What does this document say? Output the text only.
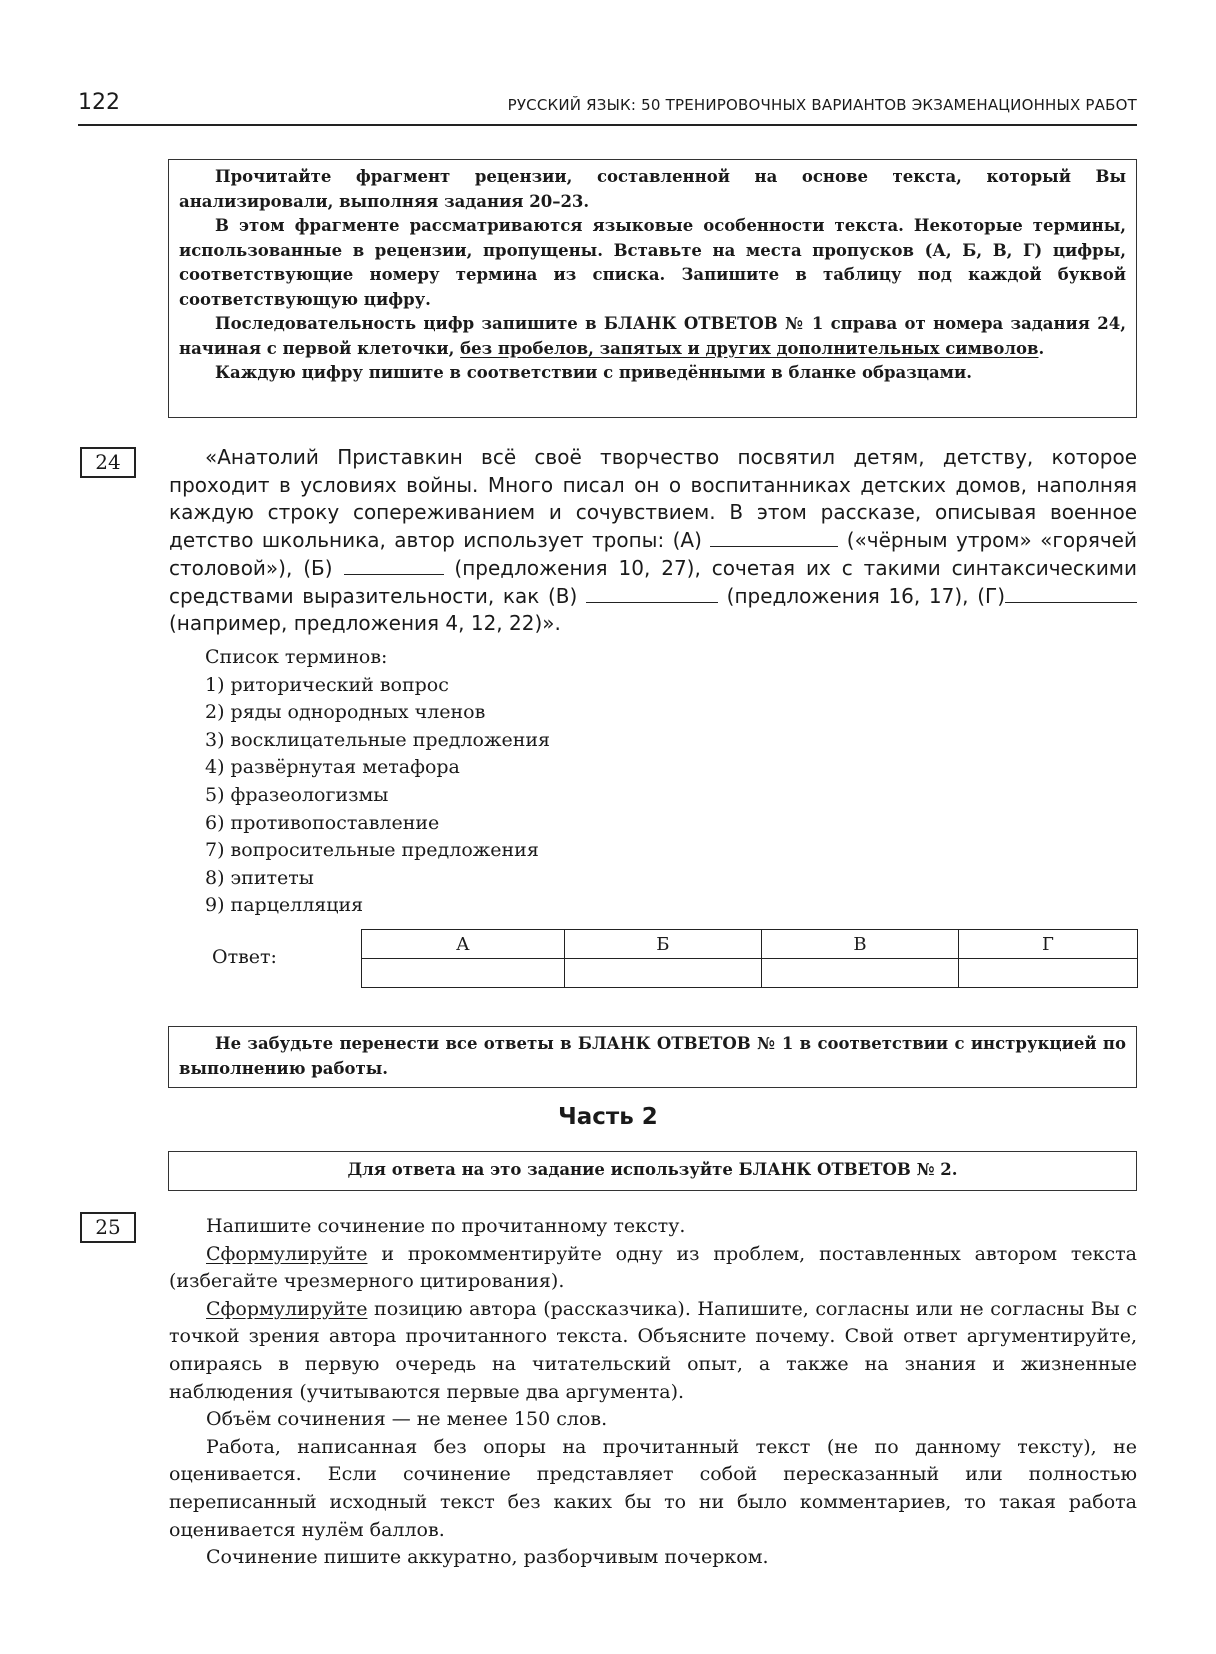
122	РУССКИЙ ЯЗЫК: 50 ТРЕНИРОВОЧНЫХ ВАРИАНТОВ ЭКЗАМЕНАЦИОННЫХ РАБОТ

Прочитайте фрагмент рецензии, составленной на основе текста, который Вы анализировали, выполняя задания 20–23.

В этом фрагменте рассматриваются языковые особенности текста. Некоторые термины, использованные в рецензии, пропущены. Вставьте на места пропусков (А, Б, В, Г) цифры, соответствующие номеру термина из списка. Запишите в таблицу под каждой буквой соответствующую цифру.

Последовательность цифр запишите в БЛАНК ОТВЕТОВ № 1 справа от номера задания 24, начиная с первой клеточки, без пробелов, запятых и других дополнительных символов.

Каждую цифру пишите в соответствии с приведёнными в бланке образцами.

24	«Анатолий Приставкин всё своё творчество посвятил детям, детству, которое проходит в условиях войны. Много писал он о воспитанниках детских домов, наполняя каждую строку сопереживанием и сочувствием. В этом рассказе, описывая военное детство школьника, автор использует тропы: (А)	(«чёрным утром» «горячей столовой»), (Б)	(предложения 10, 27), сочетая их с такими синтаксическими средствами выразительности, как (В)	(предложения 16, 17), (Г) (например, предложения 4, 12, 22)».
Список терминов:
1) риторический вопрос
2) ряды однородных членов
3) восклицательные предложения
4) развёрнутая метафора
5) фразеологизмы
6) противопоставление
7) вопросительные предложения
8) эпитеты
9) парцелляция
Ответ:
А	Б	В	Г

Не забудьте перенести все ответы в БЛАНК ОТВЕТОВ № 1 в соответствии с инструкцией по выполнению работы.

Часть 2

Для ответа на это задание используйте БЛАНК ОТВЕТОВ № 2.

25	Напишите сочинение по прочитанному тексту.

Сформулируйте и прокомментируйте одну из проблем, поставленных автором текста (избегайте чрезмерного цитирования).

Сформулируйте позицию автора (рассказчика). Напишите, согласны или не согласны Вы с точкой зрения автора прочитанного текста. Объясните почему. Свой ответ аргументируйте, опираясь в первую очередь на читательский опыт, а также на знания и жизненные наблюдения (учитываются первые два аргумента).

Объём сочинения — не менее 150 слов.

Работа, написанная без опоры на прочитанный текст (не по данному тексту), не оценивается. Если сочинение представляет собой пересказанный или полностью переписанный исходный текст без каких бы то ни было комментариев, то такая работа оценивается нулём баллов.

Сочинение пишите аккуратно, разборчивым почерком.
